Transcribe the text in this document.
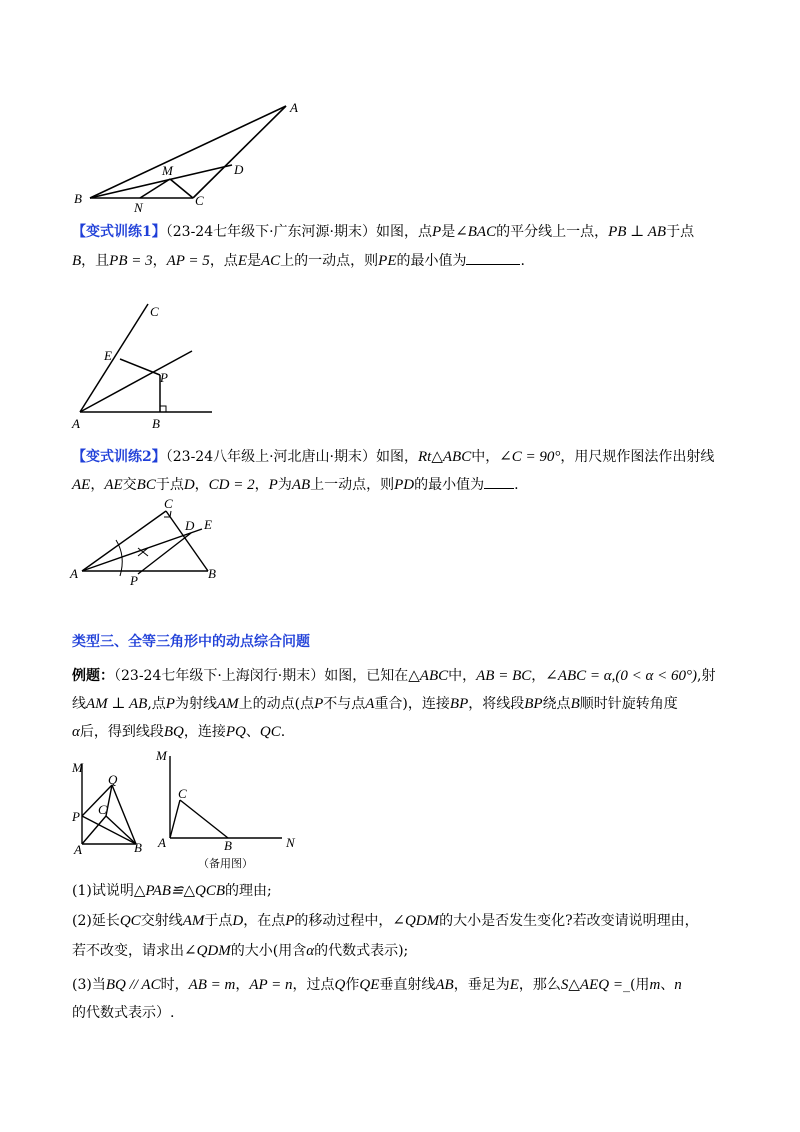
A
B	C
D
M
N
【变式训练1】（23-24七年级下·广东河源·期末）如图，点P是∠BAC的平分线上一点，PB ⊥ AB于点
B，且PB = 3，AP = 5，点E是AC上的一动点，则PE的最小值为	.
C
E
P
A	B
【变式训练2】（23-24八年级上·河北唐山·期末）如图，Rt△ABC中，∠C = 90°，用尺规作图法作出射线
AE，AE交BC于点D，CD = 2，P为AB上一动点，则PD的最小值为 .
C
D E
A	B
P
类型三、全等三角形中的动点综合问题
例题：（23-24七年级下·上海闵行·期末）如图，已知在△ABC中，AB = BC，∠ABC = α,(0 < α < 60°),射
线AM ⊥ AB,点P为射线AM上的动点(点P不与点A重合)，连接BP，将线段BP绕点B顺时针旋转角度
α后，得到线段BQ，连接PQ、QC.
M
Q
C
P
A	B
M
C
A	B	N
（备用图）
(1)试说明△PAB≌△QCB的理由;
(2)延长QC交射线AM于点D，在点P的移动过程中，∠QDM的大小是否发生变化?若改变请说明理由，
若不改变，请求出∠QDM的大小(用含α的代数式表示);
(3)当BQ // AC时，AB = m，AP = n，过点Q作QE垂直射线AB，垂足为E，那么S△AEQ =_(用m、n
的代数式表示）.
